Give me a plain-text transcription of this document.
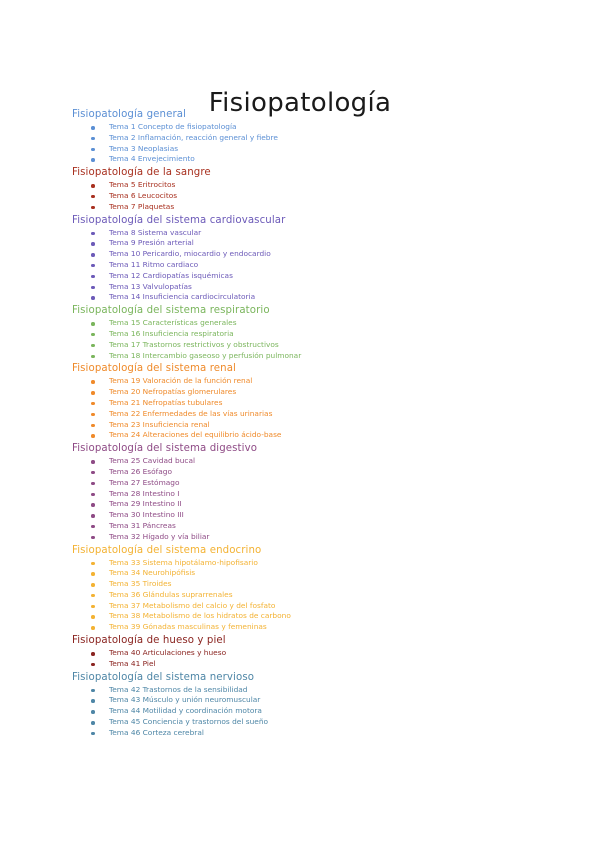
Fisiopatología
Fisiopatología general
Tema 1 Concepto de fisiopatología
Tema 2 Inflamación, reacción general y fiebre
Tema 3 Neoplasias
Tema 4 Envejecimiento
Fisiopatología de la sangre
Tema 5 Eritrocitos
Tema 6 Leucocitos
Tema 7 Plaquetas
Fisiopatología del sistema cardiovascular
Tema 8 Sistema vascular
Tema 9 Presión arterial
Tema 10 Pericardio, miocardio y endocardio
Tema 11 Ritmo cardiaco
Tema 12 Cardiopatías isquémicas
Tema 13 Valvulopatías
Tema 14 Insuficiencia cardiocirculatoria
Fisiopatología del sistema respiratorio
Tema 15 Características generales
Tema 16 Insuficiencia respiratoria
Tema 17 Trastornos restrictivos y obstructivos
Tema 18 Intercambio gaseoso y perfusión pulmonar
Fisiopatología del sistema renal
Tema 19 Valoración de la función renal
Tema 20 Nefropatías glomerulares
Tema 21 Nefropatías tubulares
Tema 22 Enfermedades de las vías urinarias
Tema 23 Insuficiencia renal
Tema 24 Alteraciones del equilibrio ácido-base
Fisiopatología del sistema digestivo
Tema 25 Cavidad bucal
Tema 26 Esófago
Tema 27 Estómago
Tema 28 Intestino I
Tema 29 Intestino II
Tema 30 Intestino III
Tema 31 Páncreas
Tema 32 Hígado y vía biliar
Fisiopatología del sistema endocrino
Tema 33 Sistema hipotálamo-hipofisario
Tema 34 Neurohipófisis
Tema 35 Tiroides
Tema 36 Glándulas suprarrenales
Tema 37 Metabolismo del calcio y del fosfato
Tema 38 Metabolismo de los hidratos de carbono
Tema 39 Gónadas masculinas y femeninas
Fisiopatología de hueso y piel
Tema 40 Articulaciones y hueso
Tema 41 Piel
Fisiopatología del sistema nervioso
Tema 42 Trastornos de la sensibilidad
Tema 43 Músculo y unión neuromuscular
Tema 44 Motilidad y coordinación motora
Tema 45 Conciencia y trastornos del sueño
Tema 46 Corteza cerebral
